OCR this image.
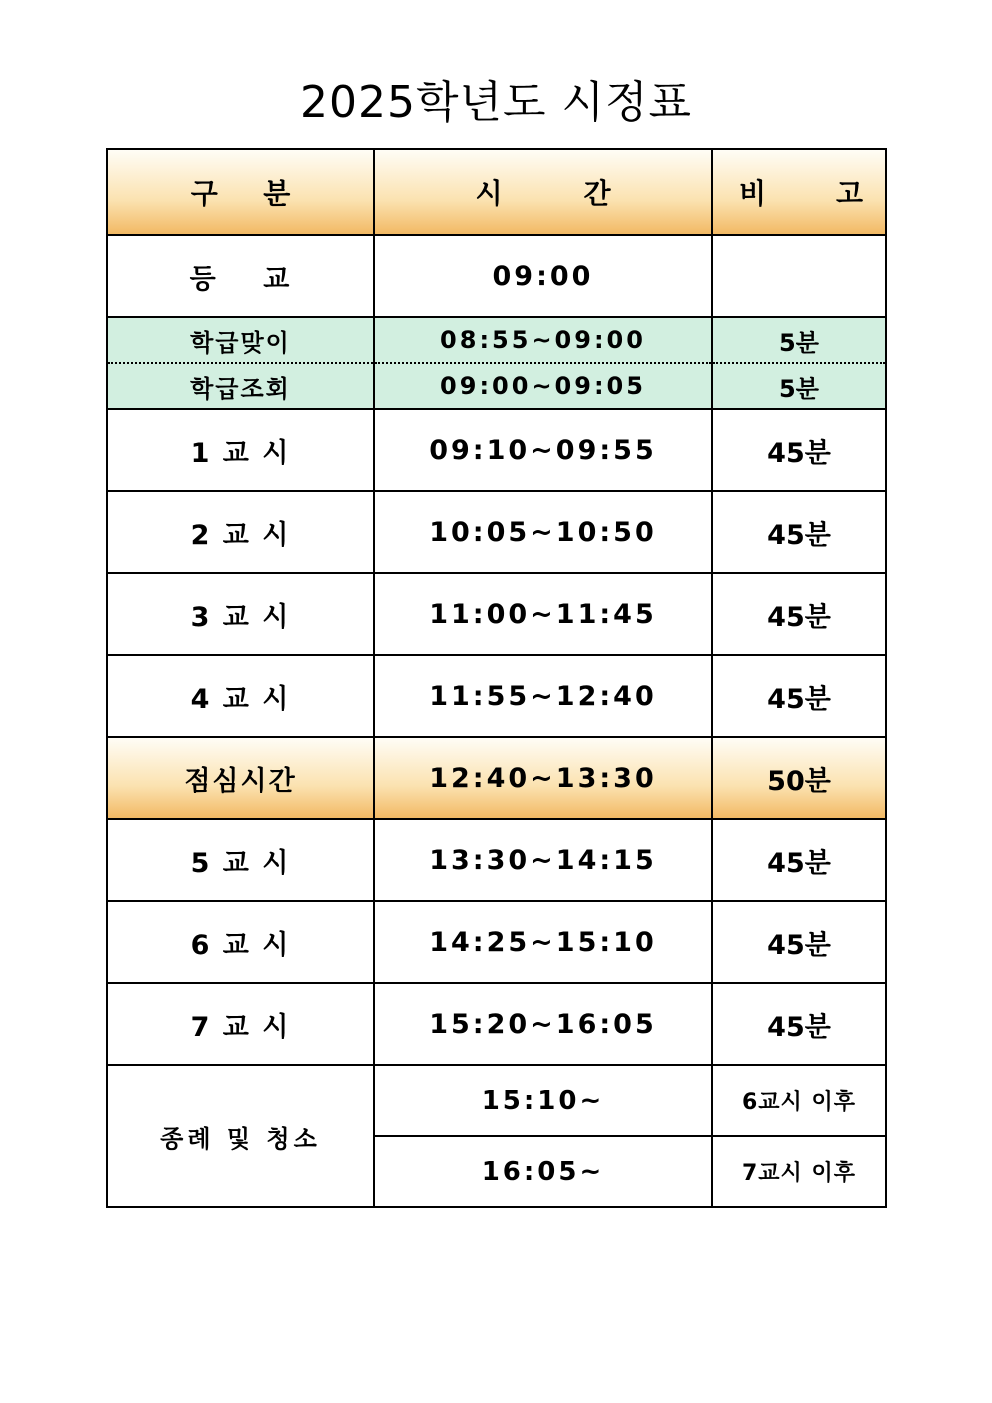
2025학년도 시정표
구 분	시 간	비 고

등    교	09:00	
학급맞이	08:55~09:00	5분
학급조회	09:00~09:05	5분
1 교 시	09:10~09:55	45분
2 교 시	10:05~10:50	45분
3 교 시	11:00~11:45	45분
4 교 시	11:55~12:40	45분
점심시간	12:40~13:30	50분
5 교 시	13:30~14:15	45분
6 교 시	14:25~15:10	45분
7 교 시	15:20~16:05	45분
종례 및 청소	15:10~	6교시 이후
	16:05~	7교시 이후
